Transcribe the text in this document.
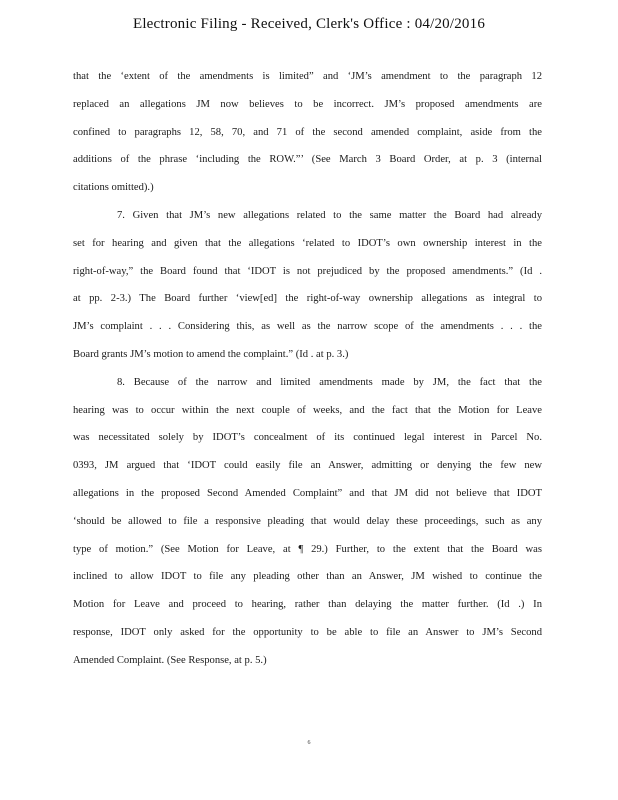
Electronic Filing - Received, Clerk's Office : 04/20/2016
that the ‘extent of the amendments is limited” and ‘JM’s amendment to the paragraph 12
replaced an allegations JM now believes to be incorrect. JM’s proposed amendments are
confined to paragraphs 12, 58, 70, and 71 of the second amended complaint, aside from the
additions of the phrase ‘including the ROW.”’ (See March 3 Board Order, at p. 3 (internal
citations omitted).)
7. Given that JM’s new allegations related to the same matter the Board had already
set for hearing and given that the allegations ‘related to IDOT’s own ownership interest in the
right-of-way,” the Board found that ‘IDOT is not prejudiced by the proposed amendments.” (Id .
at pp. 2-3.) The Board further ‘view[ed] the right-of-way ownership allegations as integral to
JM’s complaint . . . Considering this, as well as the narrow scope of the amendments . . . the
Board grants JM’s motion to amend the complaint.” (Id . at p. 3.)
8. Because of the narrow and limited amendments made by JM, the fact that the
hearing was to occur within the next couple of weeks, and the fact that the Motion for Leave
was necessitated solely by IDOT’s concealment of its continued legal interest in Parcel No.
0393, JM argued that ‘IDOT could easily file an Answer, admitting or denying the few new
allegations in the proposed Second Amended Complaint” and that JM did not believe that IDOT
‘should be allowed to file a responsive pleading that would delay these proceedings, such as any
type of motion.” (See Motion for Leave, at ¶ 29.) Further, to the extent that the Board was
inclined to allow IDOT to file any pleading other than an Answer, JM wished to continue the
Motion for Leave and proceed to hearing, rather than delaying the matter further. (Id .) In
response, IDOT only asked for the opportunity to be able to file an Answer to JM’s Second
Amended Complaint. (See Response, at p. 5.)
6
